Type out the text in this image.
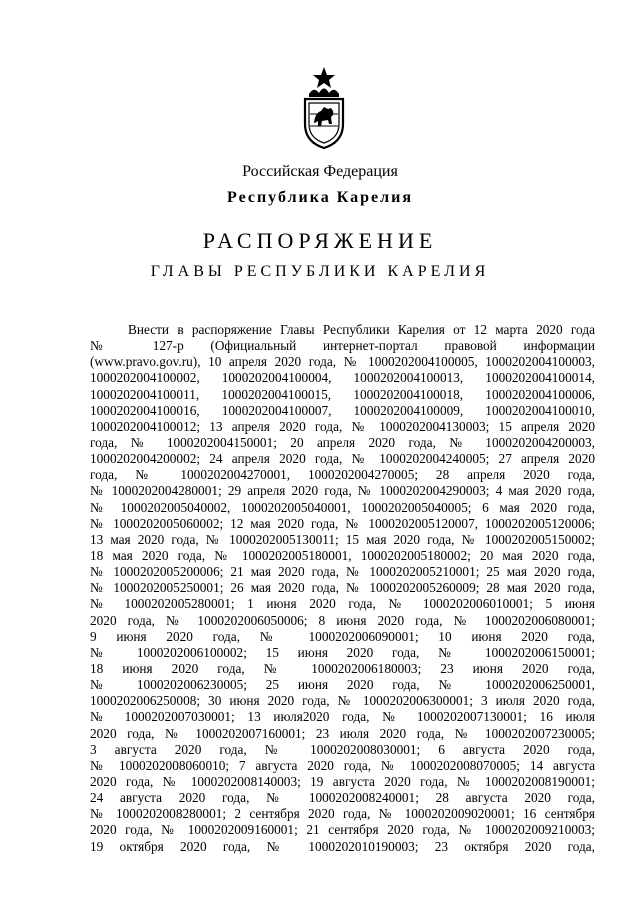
Российская Федерация
Республика Карелия
РАСПОРЯЖЕНИЕ
ГЛАВЫ РЕСПУБЛИКИ КАРЕЛИЯ
Внести в распоряжение Главы Республики Карелия от 12 марта 2020 года
№ 127-р (Официальный интернет-портал правовой информации
(www.pravo.gov.ru), 10 апреля 2020 года, № 1000202004100005, 1000202004100003,
1000202004100002, 1000202004100004, 1000202004100013, 1000202004100014,
1000202004100011, 1000202004100015, 1000202004100018, 1000202004100006,
1000202004100016, 1000202004100007, 1000202004100009, 1000202004100010,
1000202004100012; 13 апреля 2020 года, № 1000202004130003; 15 апреля 2020
года, № 1000202004150001; 20 апреля 2020 года, № 1000202004200003,
1000202004200002; 24 апреля 2020 года, № 1000202004240005; 27 апреля 2020
года, № 1000202004270001, 1000202004270005; 28 апреля 2020 года,
№ 1000202004280001; 29 апреля 2020 года, № 1000202004290003; 4 мая 2020 года,
№ 1000202005040002, 1000202005040001, 1000202005040005; 6 мая 2020 года,
№ 1000202005060002; 12 мая 2020 года, № 1000202005120007, 1000202005120006;
13 мая 2020 года, № 1000202005130011; 15 мая 2020 года, № 1000202005150002;
18 мая 2020 года, № 1000202005180001, 1000202005180002; 20 мая 2020 года,
№ 1000202005200006; 21 мая 2020 года, № 1000202005210001; 25 мая 2020 года,
№ 1000202005250001; 26 мая 2020 года, № 1000202005260009; 28 мая 2020 года,
№ 1000202005280001; 1 июня 2020 года, № 1000202006010001; 5 июня
2020 года, № 1000202006050006; 8 июня 2020 года, № 1000202006080001;
9 июня 2020 года, № 1000202006090001; 10 июня 2020 года,
№ 1000202006100002; 15 июня 2020 года, № 1000202006150001;
18 июня 2020 года, № 1000202006180003; 23 июня 2020 года,
№ 1000202006230005; 25 июня 2020 года, № 1000202006250001,
1000202006250008; 30 июня 2020 года, № 1000202006300001; 3 июля 2020 года,
№ 1000202007030001; 13 июля2020 года, № 1000202007130001; 16 июля
2020 года, № 1000202007160001; 23 июля 2020 года, № 1000202007230005;
3 августа 2020 года, № 1000202008030001; 6 августа 2020 года,
№ 1000202008060010; 7 августа 2020 года, № 1000202008070005; 14 августа
2020 года, № 1000202008140003; 19 августа 2020 года, № 1000202008190001;
24 августа 2020 года, № 1000202008240001; 28 августа 2020 года,
№ 1000202008280001; 2 сентября 2020 года, № 1000202009020001; 16 сентября
2020 года, № 1000202009160001; 21 сентября 2020 года, № 1000202009210003;
19 октября 2020 года, № 1000202010190003; 23 октября 2020 года,
